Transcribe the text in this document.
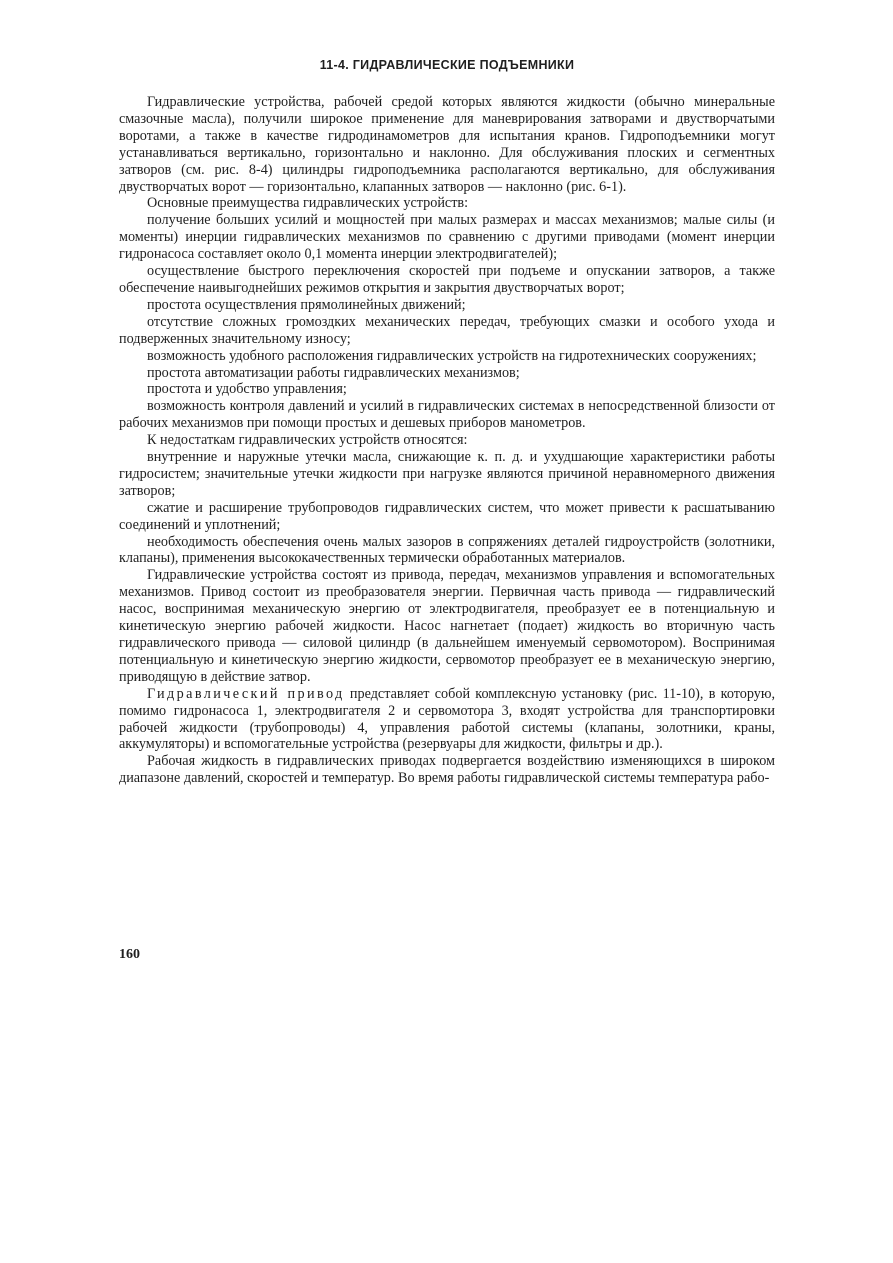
11-4. ГИДРАВЛИЧЕСКИЕ ПОДЪЕМНИКИ

Гидравлические устройства, рабочей средой которых являются жидкости (обычно минеральные смазочные масла), получили широкое применение для маневрирования затворами и двустворчатыми воротами, а также в качестве гидродинамометров для испытания кранов. Гидроподъемники могут устанавливаться вертикально, горизонтально и наклонно. Для обслуживания плоских и сегментных затворов (см. рис. 8-4) цилиндры гидроподъемника располагаются вертикально, для обслуживания двустворчатых ворот — горизонтально, клапанных затворов — наклонно (рис. 6-1).

Основные преимущества гидравлических устройств:

получение больших усилий и мощностей при малых размерах и массах механизмов; малые силы (и моменты) инерции гидравлических механизмов по сравнению с другими приводами (момент инерции гидронасоса составляет около 0,1 момента инерции электродвигателей);

осуществление быстрого переключения скоростей при подъеме и опускании затворов, а также обеспечение наивыгоднейших режимов открытия и закрытия двустворчатых ворот;

простота осуществления прямолинейных движений;

отсутствие сложных громоздких механических передач, требующих смазки и особого ухода и подверженных значительному износу;

возможность удобного расположения гидравлических устройств на гидротехнических сооружениях;

простота автоматизации работы гидравлических механизмов;

простота и удобство управления;

возможность контроля давлений и усилий в гидравлических системах в непосредственной близости от рабочих механизмов при помощи простых и дешевых приборов манометров.

К недостаткам гидравлических устройств относятся:

внутренние и наружные утечки масла, снижающие к. п. д. и ухудшающие характеристики работы гидросистем; значительные утечки жидкости при нагрузке являются причиной неравномерного движения затворов;

сжатие и расширение трубопроводов гидравлических систем, что может привести к расшатыванию соединений и уплотнений;

необходимость обеспечения очень малых зазоров в сопряжениях деталей гидроустройств (золотники, клапаны), применения высококачественных термически обработанных материалов.

Гидравлические устройства состоят из привода, передач, механизмов управления и вспомогательных механизмов. Привод состоит из преобразователя энергии. Первичная часть привода — гидравлический насос, воспринимая механическую энергию от электродвигателя, преобразует ее в потенциальную и кинетическую энергию рабочей жидкости. Насос нагнетает (подает) жидкость во вторичную часть гидравлического привода — силовой цилиндр (в дальнейшем именуемый сервомотором). Воспринимая потенциальную и кинетическую энергию жидкости, сервомотор преобразует ее в механическую энергию, приводящую в действие затвор.

Гидравлический привод представляет собой комплексную установку (рис. 11-10), в которую, помимо гидронасоса 1, электродвигателя 2 и сервомотора 3, входят устройства для транспортировки рабочей жидкости (трубопроводы) 4, управления работой системы (клапаны, золотники, краны, аккумуляторы) и вспомогательные устройства (резервуары для жидкости, фильтры и др.).

Рабочая жидкость в гидравлических приводах подвергается воздействию изменяющихся в широком диапазоне давлений, скоростей и температур. Во время работы гидравлической системы температура рабо-

160
